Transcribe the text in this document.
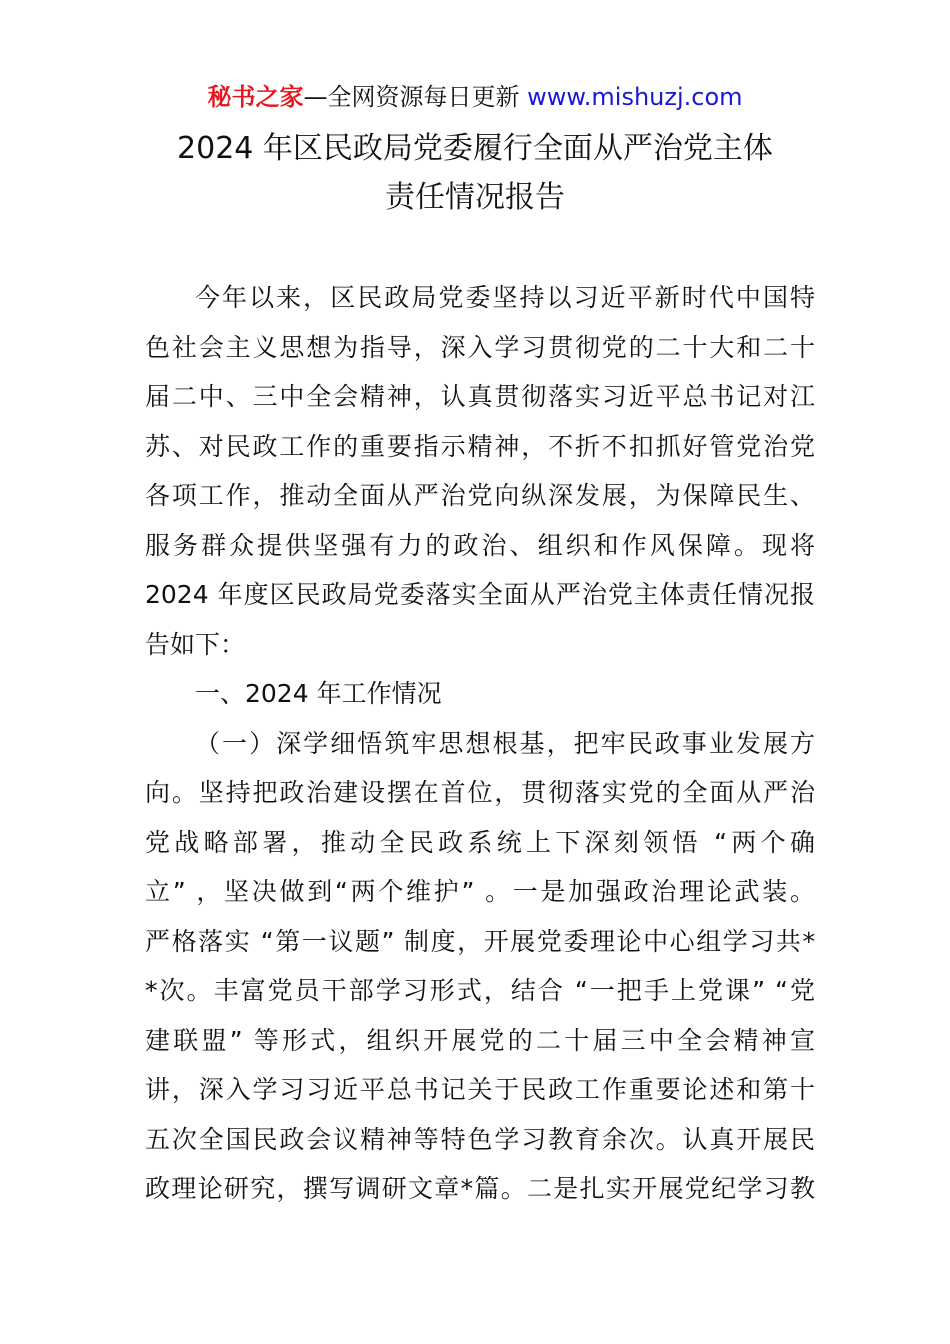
秘书之家—全网资源每日更新 www.mishuzj.com
2024 年区民政局党委履行全面从严治党主体
责任情况报告
今年以来，区民政局党委坚持以习近平新时代中国特
色社会主义思想为指导，深入学习贯彻党的二十大和二十
届二中、三中全会精神，认真贯彻落实习近平总书记对江
苏、对民政工作的重要指示精神，不折不扣抓好管党治党
各项工作，推动全面从严治党向纵深发展，为保障民生、
服务群众提供坚强有力的政治、组织和作风保障。现将
2024 年度区民政局党委落实全面从严治党主体责任情况报
告如下：
一、2024 年工作情况
（一）深学细悟筑牢思想根基，把牢民政事业发展方
向。坚持把政治建设摆在首位，贯彻落实党的全面从严治
党战略部署，推动全民政系统上下深刻领悟 “两个确
立” ，坚决做到“两个维护” 。一是加强政治理论武装。
严格落实 “第一议题” 制度，开展党委理论中心组学习共*
*次。丰富党员干部学习形式，结合 “一把手上党课” “党
建联盟” 等形式，组织开展党的二十届三中全会精神宣
讲，深入学习习近平总书记关于民政工作重要论述和第十
五次全国民政会议精神等特色学习教育余次。认真开展民
政理论研究，撰写调研文章*篇。二是扎实开展党纪学习教
